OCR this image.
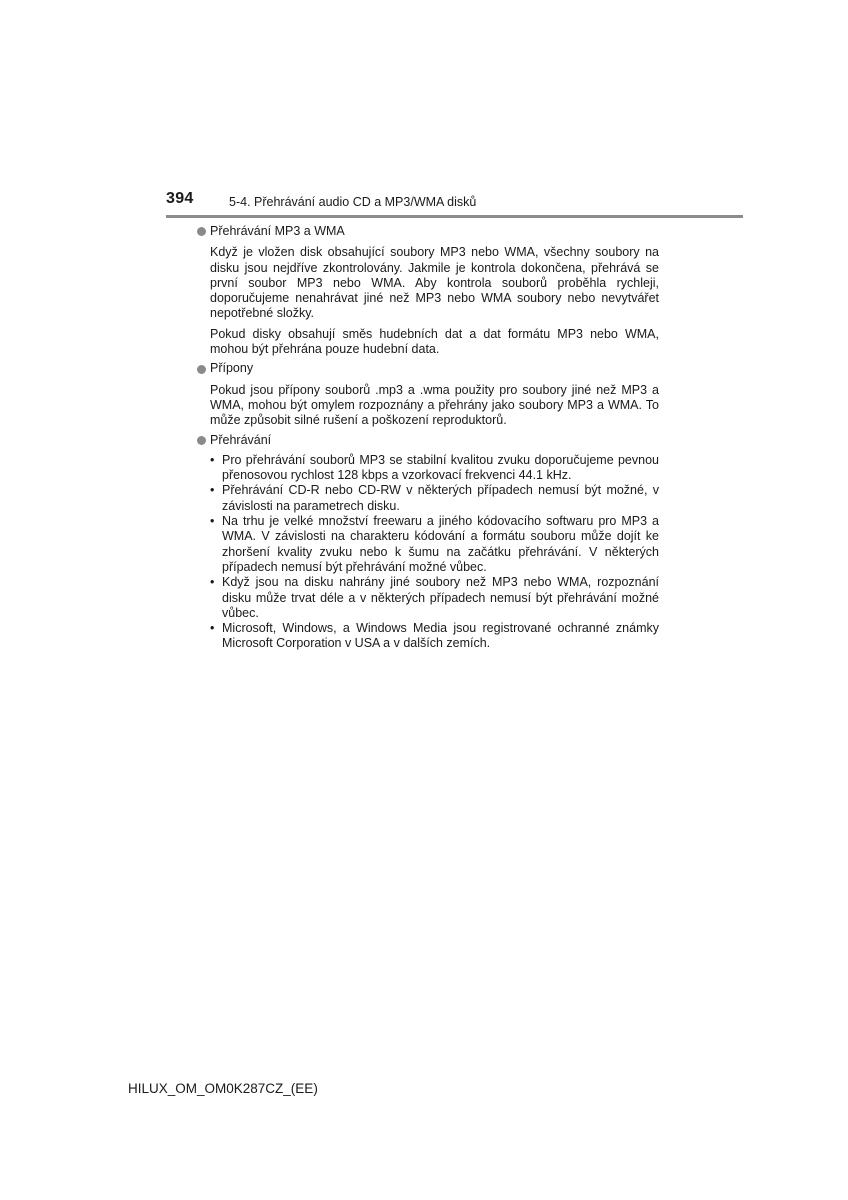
394	5-4. Přehrávání audio CD a MP3/WMA disků

Přehrávání MP3 a WMA

Když je vložen disk obsahující soubory MP3 nebo WMA, všechny soubory na disku jsou nejdříve zkontrolovány. Jakmile je kontrola dokončena, přehrává se první soubor MP3 nebo WMA. Aby kontrola souborů proběhla rychleji, doporučujeme nenahrávat jiné než MP3 nebo WMA soubory nebo nevytvářet nepotřebné složky.

Pokud disky obsahují směs hudebních dat a dat formátu MP3 nebo WMA, mohou být přehrána pouze hudební data.

Přípony

Pokud jsou přípony souborů .mp3 a .wma použity pro soubory jiné než MP3 a WMA, mohou být omylem rozpoznány a přehrány jako soubory MP3 a WMA. To může způsobit silné rušení a poškození reproduktorů.

Přehrávání

• Pro přehrávání souborů MP3 se stabilní kvalitou zvuku doporučujeme pevnou přenosovou rychlost 128 kbps a vzorkovací frekvenci 44.1 kHz.
• Přehrávání CD-R nebo CD-RW v některých případech nemusí být možné, v závislosti na parametrech disku.
• Na trhu je velké množství freewaru a jiného kódovacího softwaru pro MP3 a WMA. V závislosti na charakteru kódování a formátu souboru může dojít ke zhoršení kvality zvuku nebo k šumu na začátku přehrávání. V některých případech nemusí být přehrávání možné vůbec.
• Když jsou na disku nahrány jiné soubory než MP3 nebo WMA, rozpoznání disku může trvat déle a v některých případech nemusí být přehrávání možné vůbec.
• Microsoft, Windows, a Windows Media jsou registrované ochranné známky Microsoft Corporation v USA a v dalších zemích.
HILUX_OM_OM0K287CZ_(EE)
